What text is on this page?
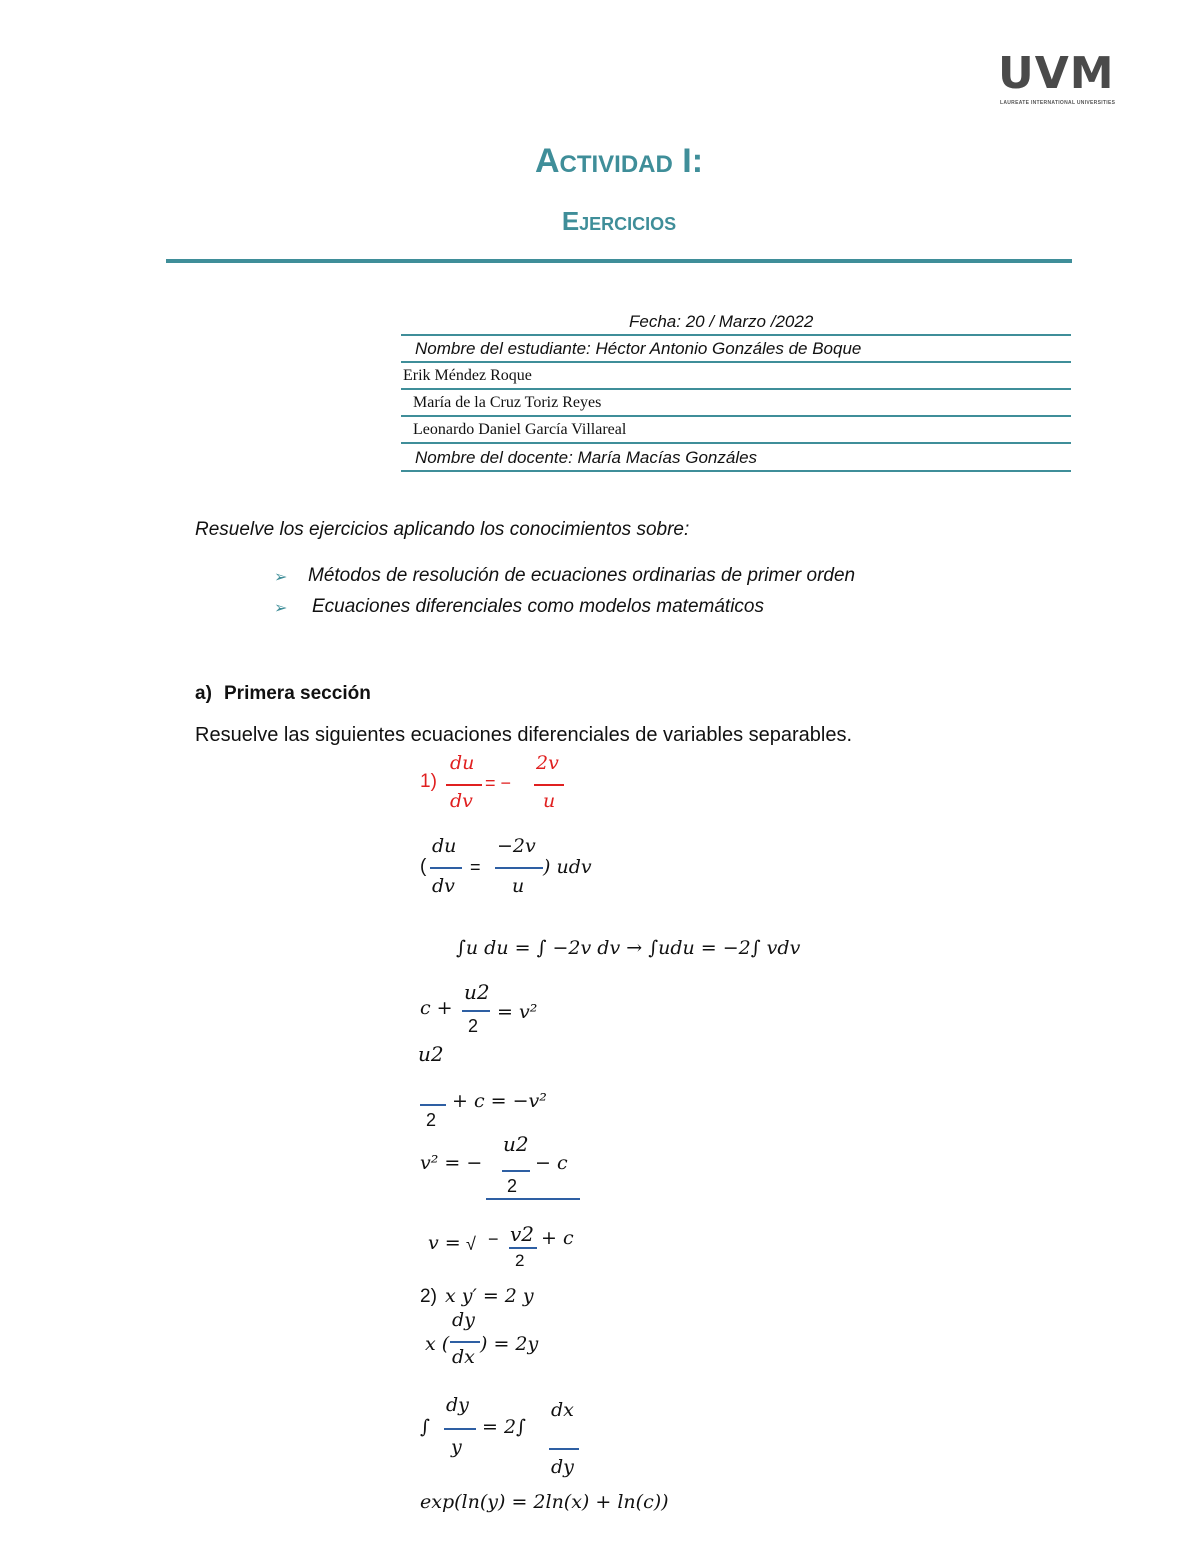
UVM
LAUREATE INTERNATIONAL UNIVERSITIES
Actividad I:
Ejercicios
Fecha: 20 / Marzo /2022
Nombre del estudiante: Héctor Antonio Gonzáles de Boque
Erik Méndez Roque
María de la Cruz Toriz Reyes
Leonardo Daniel García Villareal
Nombre del docente: María Macías Gonzáles
Resuelve los ejercicios aplicando los conocimientos sobre:
➢ Métodos de resolución de ecuaciones ordinarias de primer orden
➢ Ecuaciones diferenciales como modelos matemáticos
a) Primera sección
Resuelve las siguientes ecuaciones diferenciales de variables separables.
1)
du
dv
= −
2v
u
(
du
dv
=
−2v
u
) udv
∫u du = ∫ −2v dv → ∫udu = −2∫ vdv
c +
u2
2
= v²
u2
2
+ c = −v²
v² = −
u2
2
− c
v = √ − v2
2
+ c
2) x y′ = 2 y
x (
dy
dx
) = 2y
∫
dy
y
= 2∫
dx
dy
exp(ln(y) = 2ln(x) + ln(c))
